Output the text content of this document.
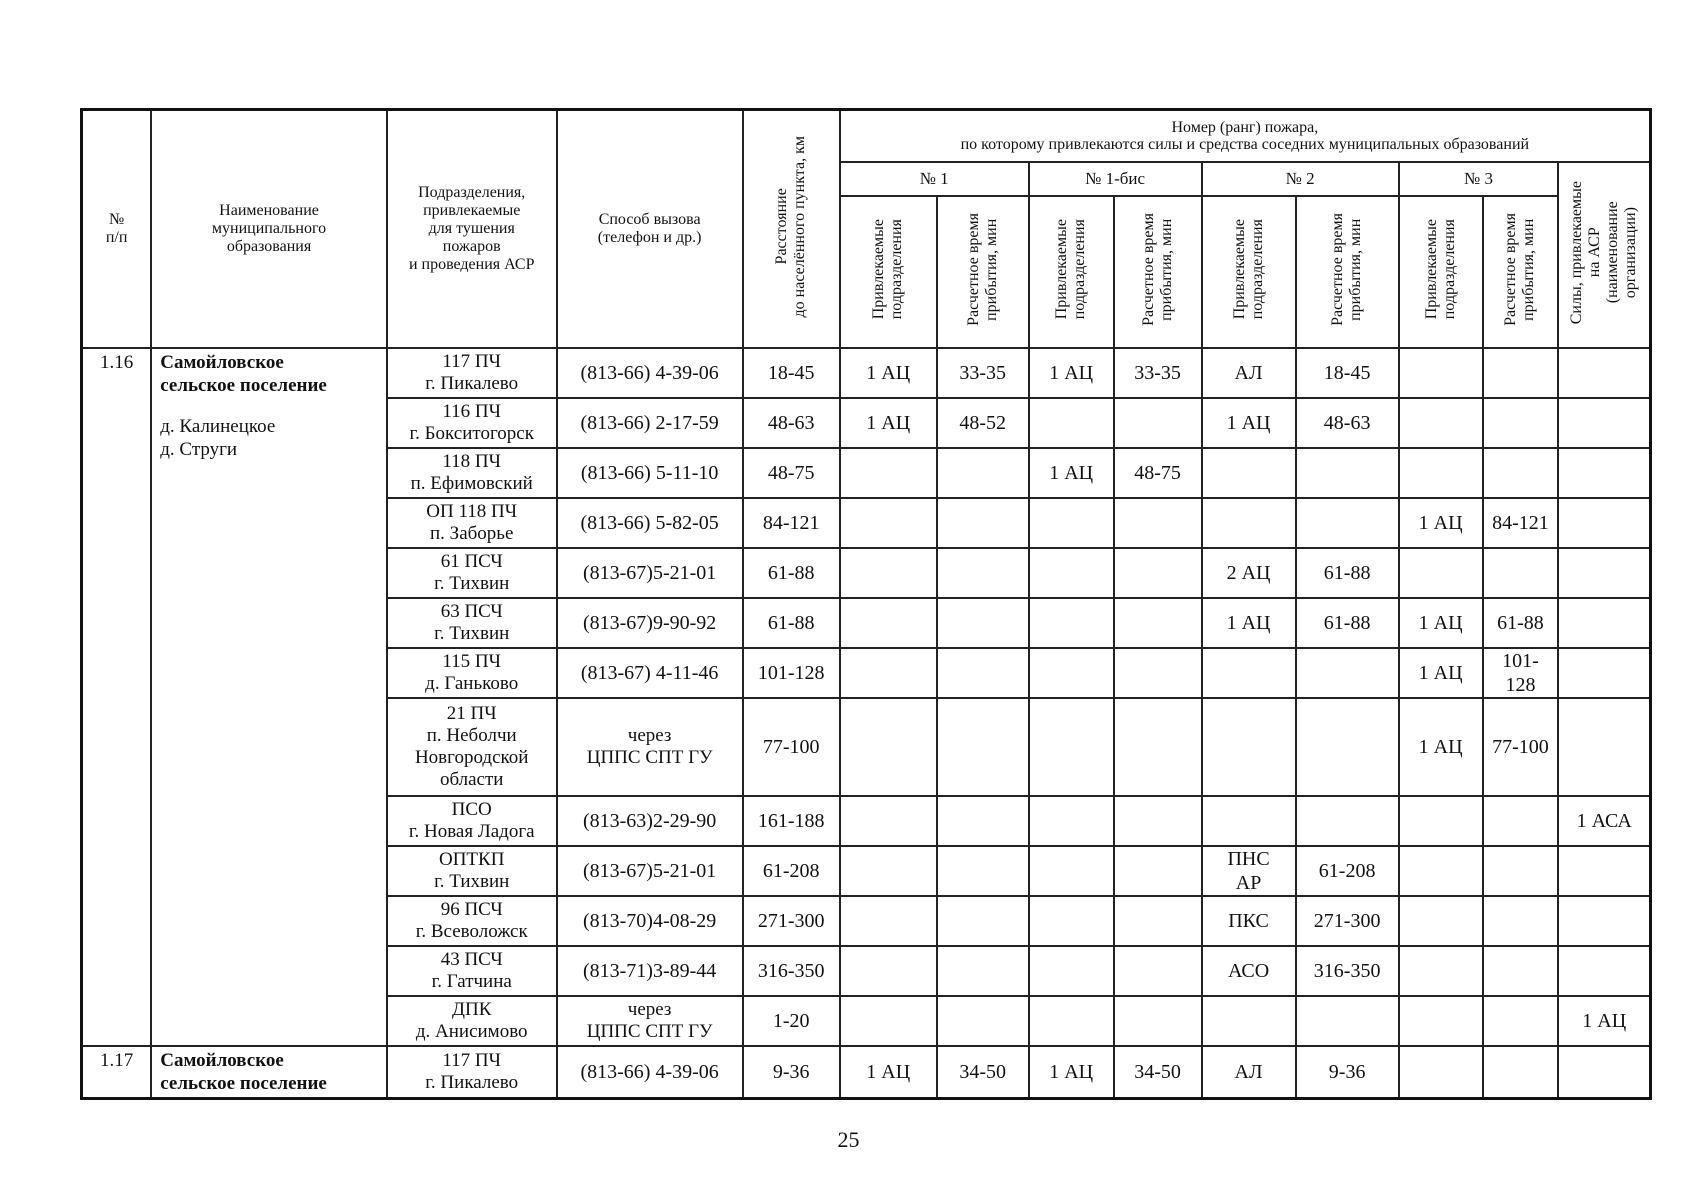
№
п/п	Наименование
муниципального
образования	Подразделения,
привлекаемые
для тушения
пожаров
и проведения АСР	Способ вызова
(телефон и др.)	Расстояние
до населённого пункта, км	Номер (ранг) пожара,
по которому привлекаются силы и средства соседних муниципальных образований								
					№ 1		№ 1-бис		№ 2		№ 3		Силы, привлекаемые
на АСР
(наименование
организации)
					Привлекаемые
подразделения	Расчетное время
прибытия, мин	Привлекаемые
подразделения	Расчетное время
прибытия, мин	Привлекаемые
подразделения	Расчетное время
прибытия, мин	Привлекаемые
подразделения	Расчетное время
прибытия, мин	
1.16	Самойловское
сельское поселение
д. Калинецкое
д. Струги	117 ПЧ
г. Пикалево	(813-66) 4-39-06	18-45	1 АЦ	33-35	1 АЦ	33-35	АЛ	18-45			
		116 ПЧ
г. Бокситогорск	(813-66) 2-17-59	48-63	1 АЦ	48-52			1 АЦ	48-63			
		118 ПЧ
п. Ефимовский	(813-66) 5-11-10	48-75			1 АЦ	48-75					
		ОП 118 ПЧ
п. Заборье	(813-66) 5-82-05	84-121							1 АЦ	84-121	
		61 ПСЧ
г. Тихвин	(813-67)5-21-01	61-88					2 АЦ	61-88			
		63 ПСЧ
г. Тихвин	(813-67)9-90-92	61-88					1 АЦ	61-88	1 АЦ	61-88	
		115 ПЧ
д. Ганьково	(813-67) 4-11-46	101-128							1 АЦ	101-
128	
		21 ПЧ
п. Неболчи
Новгородской
области	через
ЦППС СПТ ГУ	77-100							1 АЦ	77-100	
		ПСО
г. Новая Ладога	(813-63)2-29-90	161-188									1 АСА
		ОПТКП
г. Тихвин	(813-67)5-21-01	61-208					ПНС
АР	61-208			
		96 ПСЧ
г. Всеволожск	(813-70)4-08-29	271-300					ПКС	271-300			
		43 ПСЧ
г. Гатчина	(813-71)3-89-44	316-350					АСО	316-350			
		ДПК
д. Анисимово	через
ЦППС СПТ ГУ	1-20									1 АЦ
1.17	Самойловское
сельское поселение	117 ПЧ
г. Пикалево	(813-66) 4-39-06	9-36	1 АЦ	34-50	1 АЦ	34-50	АЛ	9-36			
25
